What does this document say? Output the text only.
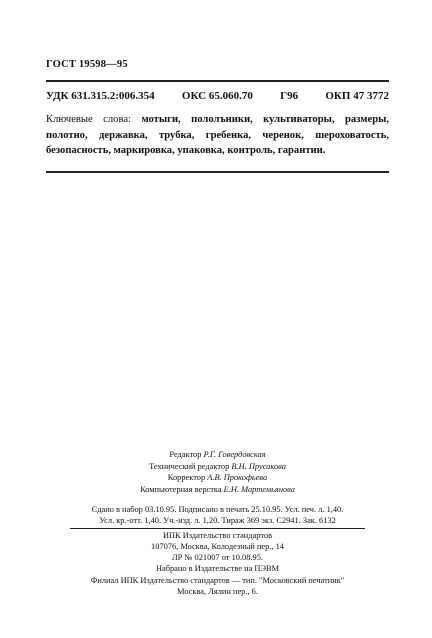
ГОСТ 19598—95
УДК 631.315.2:006.354 ОКС 65.060.70 Г96 ОКП 47 3772
Ключевые слова: мотыги, пололъники, культиваторы, размеры, полотно, державка, трубка, гребенка, черенок, шероховатость, безопасность, маркировка, упаковка, контроль, гарантии.
Редактор Р.Г. Говердовская
Технический редактор В.Н. Прусакова
Корректор А.В. Прокофьева
Компьютерная верстка Е.Н. Мартемьянова
Сдано в набор 03.10.95. Подписано в печать 25.10.95. Усл. печ. л. 1,40.
Усл. кр.-отт. 1,40. Уч.-изд. л. 1,20. Тираж 369 экз. С2941. Зак. 6132
ИПК Издательство стандартов
107076, Москва, Колодезный пер., 14
ЛР № 021007 от 10.08.95.
Набрано в Издательстве на ПЭВМ
Филиал ИПК Издательство стандартов — тип. "Московский печатник"
Москва, Лялин пер., 6.
